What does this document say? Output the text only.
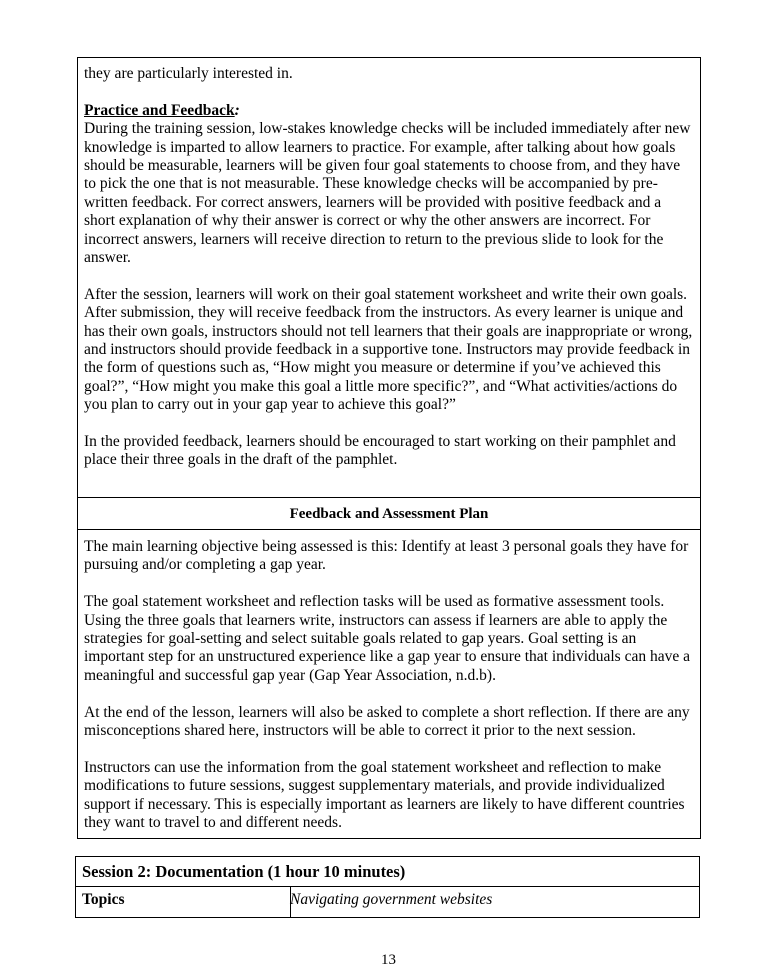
they are particularly interested in.

Practice and Feedback:

During the training session, low-stakes knowledge checks will be included immediately after new knowledge is imparted to allow learners to practice. For example, after talking about how goals should be measurable, learners will be given four goal statements to choose from, and they have to pick the one that is not measurable. These knowledge checks will be accompanied by pre-written feedback. For correct answers, learners will be provided with positive feedback and a short explanation of why their answer is correct or why the other answers are incorrect. For incorrect answers, learners will receive direction to return to the previous slide to look for the answer.

After the session, learners will work on their goal statement worksheet and write their own goals. After submission, they will receive feedback from the instructors. As every learner is unique and has their own goals, instructors should not tell learners that their goals are inappropriate or wrong, and instructors should provide feedback in a supportive tone. Instructors may provide feedback in the form of questions such as, “How might you measure or determine if you’ve achieved this goal?”, “How might you make this goal a little more specific?”, and “What activities/actions do you plan to carry out in your gap year to achieve this goal?”

In the provided feedback, learners should be encouraged to start working on their pamphlet and place their three goals in the draft of the pamphlet.

Feedback and Assessment Plan

The main learning objective being assessed is this: Identify at least 3 personal goals they have for pursuing and/or completing a gap year.

The goal statement worksheet and reflection tasks will be used as formative assessment tools. Using the three goals that learners write, instructors can assess if learners are able to apply the strategies for goal-setting and select suitable goals related to gap years. Goal setting is an important step for an unstructured experience like a gap year to ensure that individuals can have a meaningful and successful gap year (Gap Year Association, n.d.b).

At the end of the lesson, learners will also be asked to complete a short reflection. If there are any misconceptions shared here, instructors will be able to correct it prior to the next session.

Instructors can use the information from the goal statement worksheet and reflection to make modifications to future sessions, suggest supplementary materials, and provide individualized support if necessary. This is especially important as learners are likely to have different countries they want to travel to and different needs.

Session 2: Documentation (1 hour 10 minutes)
Topics	Navigating government websites
13
